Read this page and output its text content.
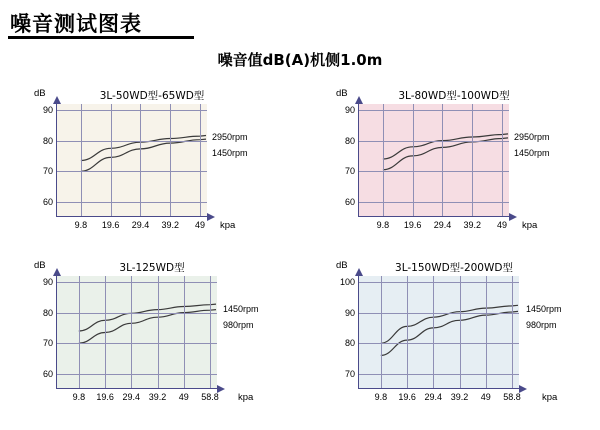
噪音测试图表
噪音值dB(A)机侧1.0m
dB	3L-50WD型-65WD型
9.8 19.6 29.4 39.2 49
60
70
80
90
kpa
2950rpm
1450rpm
dB	3L-80WD型-100WD型
9.8 19.6 29.4 39.2 49
60
70
80
90
kpa
2950rpm
1450rpm
dB	3L-125WD型
9.8 19.6 29.4 39.2 49 58.8
60
70
80
90
kpa
1450rpm
980rpm
dB	3L-150WD型-200WD型
9.8 19.6 29.4 39.2 49 58.8
70
80
90
100
kpa
1450rpm
980rpm
